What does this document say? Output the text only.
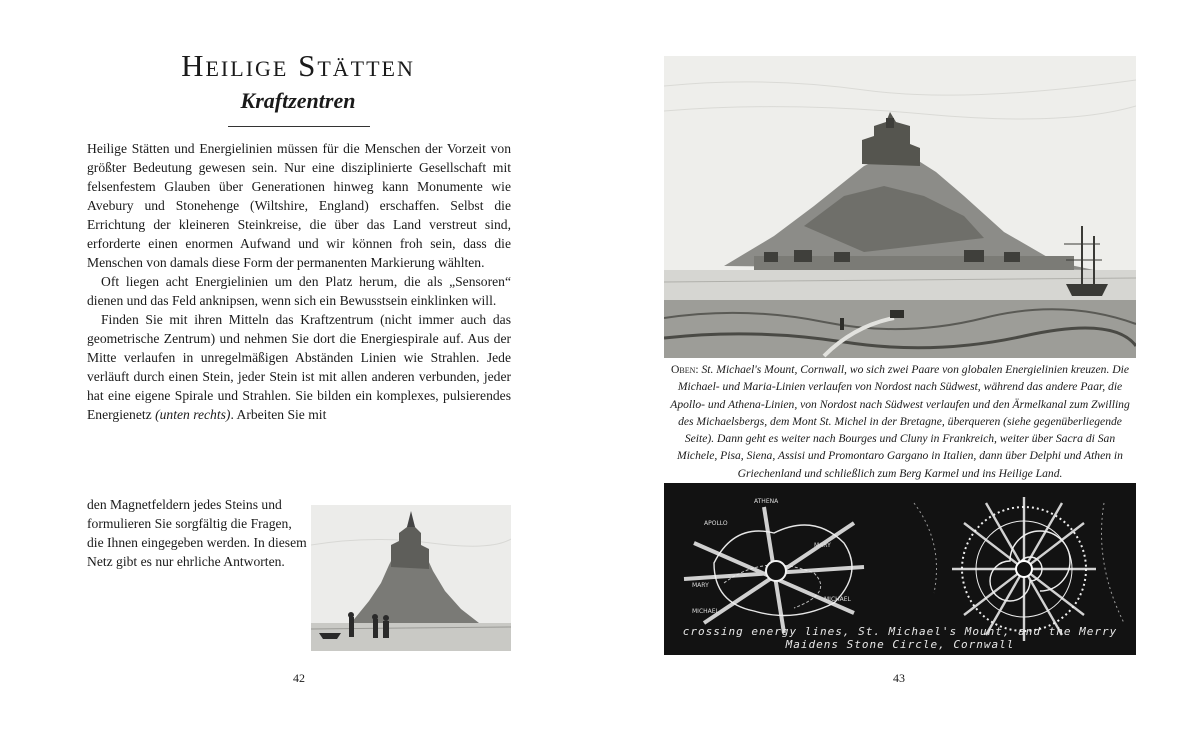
Heilige Stätten
Kraftzentren

Heilige Stätten und Energielinien müssen für die Menschen der Vorzeit von größter Bedeutung gewesen sein. Nur eine disziplinierte Gesellschaft mit felsenfestem Glauben über Generationen hinweg kann Monumente wie Avebury und Stonehenge (Wiltshire, England) erschaffen. Selbst die Errichtung der kleineren Steinkreise, die über das Land verstreut sind, erforderte einen enormen Aufwand und wir können froh sein, dass die Menschen von damals diese Form der permanenten Markierung wählten.

Oft liegen acht Energielinien um den Platz herum, die als „Sensoren“ dienen und das Feld anknipsen, wenn sich ein Bewusstsein einklinken will.

Finden Sie mit ihren Mitteln das Kraftzentrum (nicht immer auch das geometrische Zentrum) und nehmen Sie dort die Energiespirale auf. Aus der Mitte verlaufen in unregelmäßigen Abständen Linien wie Strahlen. Jede verläuft durch einen Stein, jeder Stein ist mit allen anderen verbunden, jeder hat eine eigene Spirale und Strahlen. Sie bilden ein komplexes, pulsierendes Energienetz (unten rechts). Arbeiten Sie mit

den Magnetfeldern jedes Steins und formulieren Sie sorgfältig die Fragen, die Ihnen eingegeben werden. In diesem Netz gibt es nur ehrliche Antworten.

42

Oben: St. Michael's Mount, Cornwall, wo sich zwei Paare von globalen Energielinien kreuzen. Die Michael- und Maria-Linien verlaufen von Nordost nach Südwest, während das andere Paar, die Apollo- und Athena-Linien, von Nordost nach Südwest verlaufen und den Ärmelkanal zum Zwilling des Michaelsbergs, dem Mont St. Michel in der Bretagne, überqueren (siehe gegenüberliegende Seite). Dann geht es weiter nach Bourges und Cluny in Frankreich, weiter über Sacra di San Michele, Pisa, Siena, Assisi und Promontaro Gargano in Italien, dann über Delphi und Athen in Griechenland und schließlich zum Berg Karmel und ins Heilige Land.

APOLLO
ATHENA
MARY
MICHAEL
MARY
MICHAEL
crossing energy lines, St. Michael's Mount, and the Merry Maidens Stone Circle, Cornwall
43
